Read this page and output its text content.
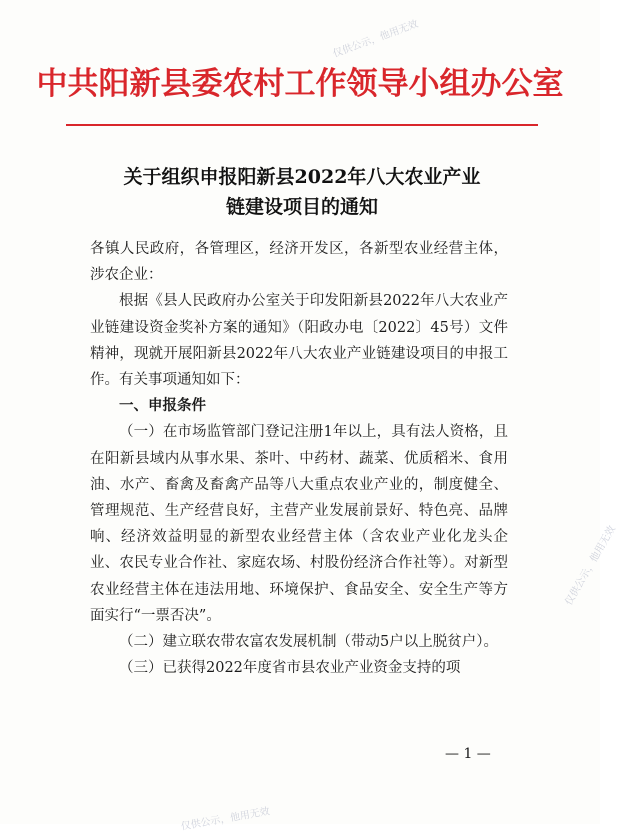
仅供公示，他用无效
仅供公示，他用无效
仅供公示，他用无效
中共阳新县委农村工作领导小组办公室
关于组织申报阳新县2022年八大农业产业
链建设项目的通知

各镇人民政府，各管理区，经济开发区，各新型农业经营主体，涉农企业：

根据《县人民政府办公室关于印发阳新县2022年八大农业产业链建设资金奖补方案的通知》（阳政办电〔2022〕45号）文件精神，现就开展阳新县2022年八大农业产业链建设项目的申报工作。有关事项通知如下：

一、申报条件

（一）在市场监管部门登记注册1年以上，具有法人资格，且在阳新县域内从事水果、茶叶、中药材、蔬菜、优质稻米、食用油、水产、畜禽及畜禽产品等八大重点农业产业的，制度健全、管理规范、生产经营良好，主营产业发展前景好、特色亮、品牌响、经济效益明显的新型农业经营主体（含农业产业化龙头企业、农民专业合作社、家庭农场、村股份经济合作社等）。对新型农业经营主体在违法用地、环境保护、食品安全、安全生产等方面实行“一票否决”。

（二）建立联农带农富农发展机制（带动5户以上脱贫户）。

（三）已获得2022年度省市县农业产业资金支持的项

— 1 —
